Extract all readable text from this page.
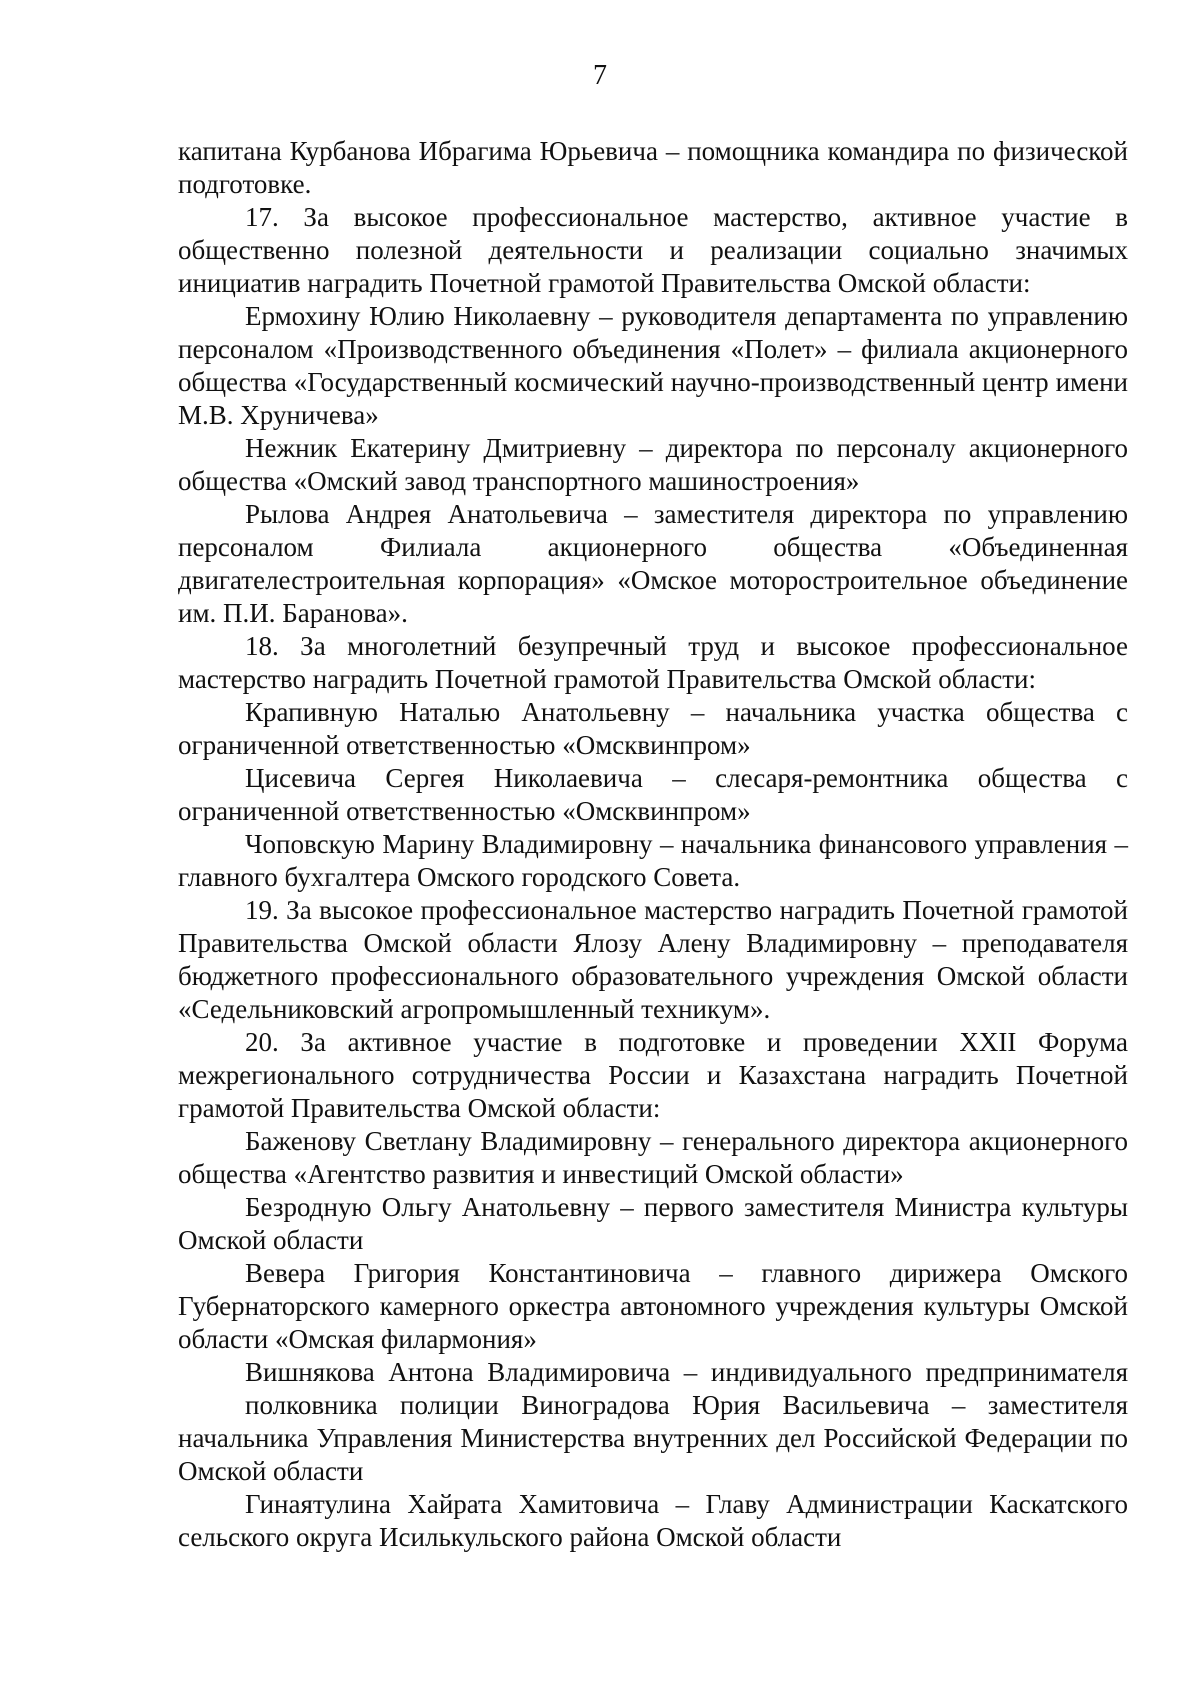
7

капитана Курбанова Ибрагима Юрьевича – помощника командира по физической подготовке.

17. За высокое профессиональное мастерство, активное участие в общественно полезной деятельности и реализации социально значимых инициатив наградить Почетной грамотой Правительства Омской области:

Ермохину Юлию Николаевну – руководителя департамента по управлению персоналом «Производственного объединения «Полет» – филиала акционерного общества «Государственный космический научно-производственный центр имени М.В. Хруничева»

Нежник Екатерину Дмитриевну – директора по персоналу акционерного общества «Омский завод транспортного машиностроения»

Рылова Андрея Анатольевича – заместителя директора по управлению персоналом Филиала акционерного общества «Объединенная двигателестроительная корпорация» «Омское моторостроительное объединение им. П.И. Баранова».

18. За многолетний безупречный труд и высокое профессиональное мастерство наградить Почетной грамотой Правительства Омской области:

Крапивную Наталью Анатольевну – начальника участка общества с ограниченной ответственностью «Омсквинпром»

Цисевича Сергея Николаевича – слесаря-ремонтника общества с ограниченной ответственностью «Омсквинпром»

Чоповскую Марину Владимировну – начальника финансового управления – главного бухгалтера Омского городского Совета.

19. За высокое профессиональное мастерство наградить Почетной грамотой Правительства Омской области Ялозу Алену Владимировну – преподавателя бюджетного профессионального образовательного учреждения Омской области «Седельниковский агропромышленный техникум».

20. За активное участие в подготовке и проведении XXII Форума межрегионального сотрудничества России и Казахстана наградить Почетной грамотой Правительства Омской области:

Баженову Светлану Владимировну – генерального директора акционерного общества «Агентство развития и инвестиций Омской области»

Безродную Ольгу Анатольевну – первого заместителя Министра культуры Омской области

Вевера Григория Константиновича – главного дирижера Омского Губернаторского камерного оркестра автономного учреждения культуры Омской области «Омская филармония»

Вишнякова Антона Владимировича – индивидуального предпринимателя

полковника полиции Виноградова Юрия Васильевича – заместителя начальника Управления Министерства внутренних дел Российской Федерации по Омской области

Гинаятулина Хайрата Хамитовича – Главу Администрации Каскатского сельского округа Исилькульского района Омской области
